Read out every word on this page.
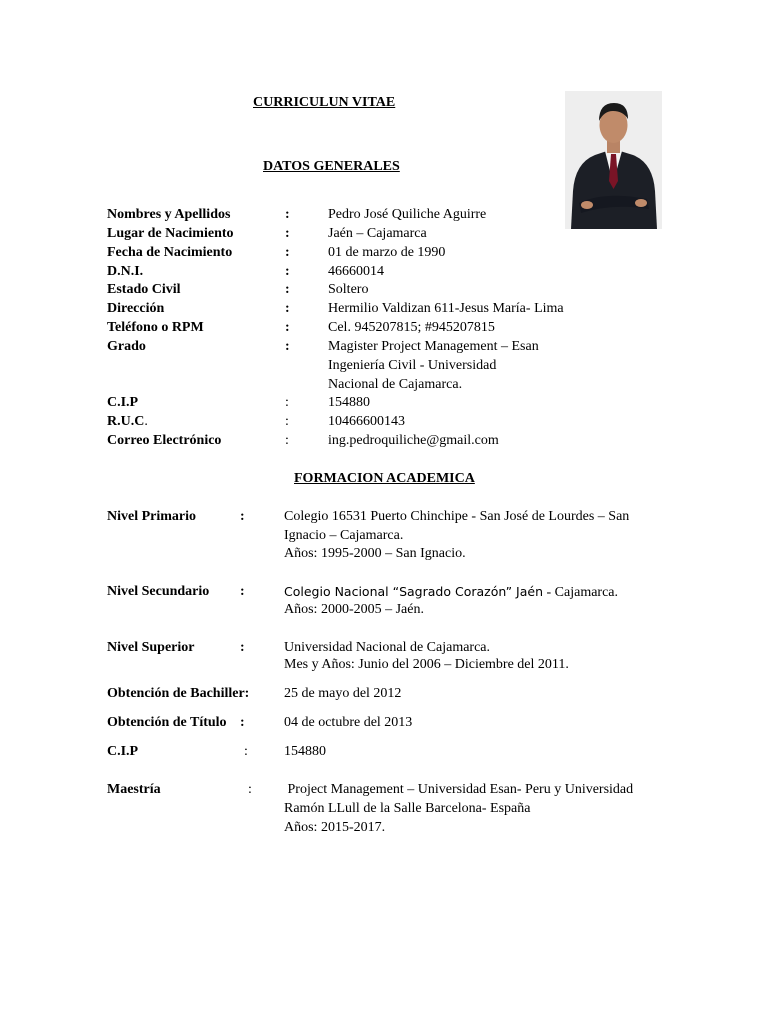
CURRICULUN VITAE
DATOS GENERALES
Nombres y Apellidos	:	Pedro José Quiliche Aguirre
Lugar de Nacimiento	:	Jaén – Cajamarca
Fecha de Nacimiento	:	01 de marzo de 1990
D.N.I.	:	46660014
Estado Civil	:	Soltero
Dirección	:	Hermilio Valdizan 611-Jesus María- Lima
Teléfono o RPM	:	Cel. 945207815; #945207815
Grado	:	Magister Project Management – Esan
Ingeniería Civil - Universidad
Nacional de Cajamarca.
C.I.P	:	154880
R.U.C.	:	10466600143
Correo Electrónico	:	ing.pedroquiliche@gmail.com
FORMACION ACADEMICA
Nivel Primario	:	Colegio 16531 Puerto Chinchipe - San José de Lourdes – San
Ignacio – Cajamarca.
Años: 1995-2000 – San Ignacio.
Nivel Secundario :	Colegio Nacional “Sagrado Corazón” Jaén - Cajamarca.
Años: 2000-2005 – Jaén.
Nivel Superior	:	Universidad Nacional de Cajamarca.
Mes y Años: Junio del 2006 – Diciembre del 2011.
Obtención de Bachiller: 25 de mayo del 2012
Obtención de Título :	04 de octubre del 2013
C.I.P	:	154880
Maestría	: Project Management – Universidad Esan- Peru y Universidad
Ramón LLull de la Salle Barcelona- España
Años: 2015-2017.
